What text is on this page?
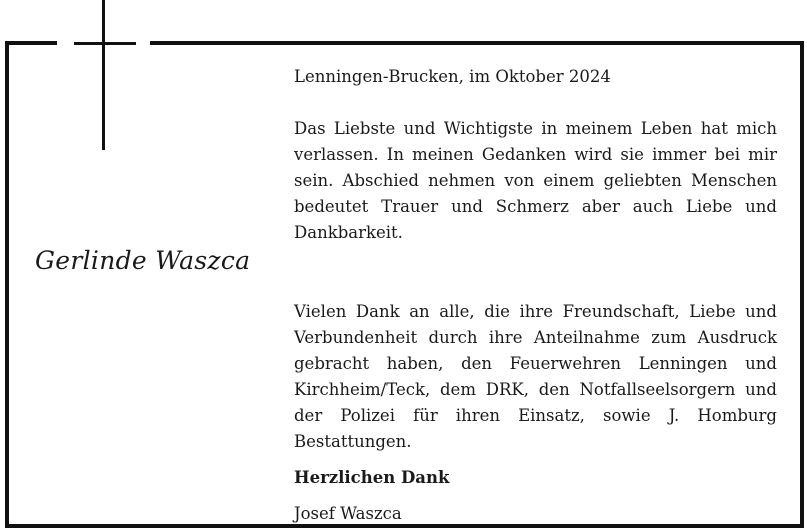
Gerlinde Waszca

Lenningen-Brucken, im Oktober 2024

Das Liebste und Wichtigste in meinem Leben hat mich verlassen. In meinen Gedanken wird sie immer bei mir sein. Abschied nehmen von einem geliebten Menschen bedeutet Trauer und Schmerz aber auch Liebe und Dankbarkeit.

Vielen Dank an alle, die ihre Freundschaft, Liebe und Verbundenheit durch ihre Anteilnahme zum Ausdruck gebracht haben, den Feuerwehren Lenningen und Kirchheim/Teck, dem DRK, den Notfallseelsorgern und der Polizei für ihren Einsatz, sowie J. Homburg Bestattungen.

Herzlichen Dank

Josef Waszca
